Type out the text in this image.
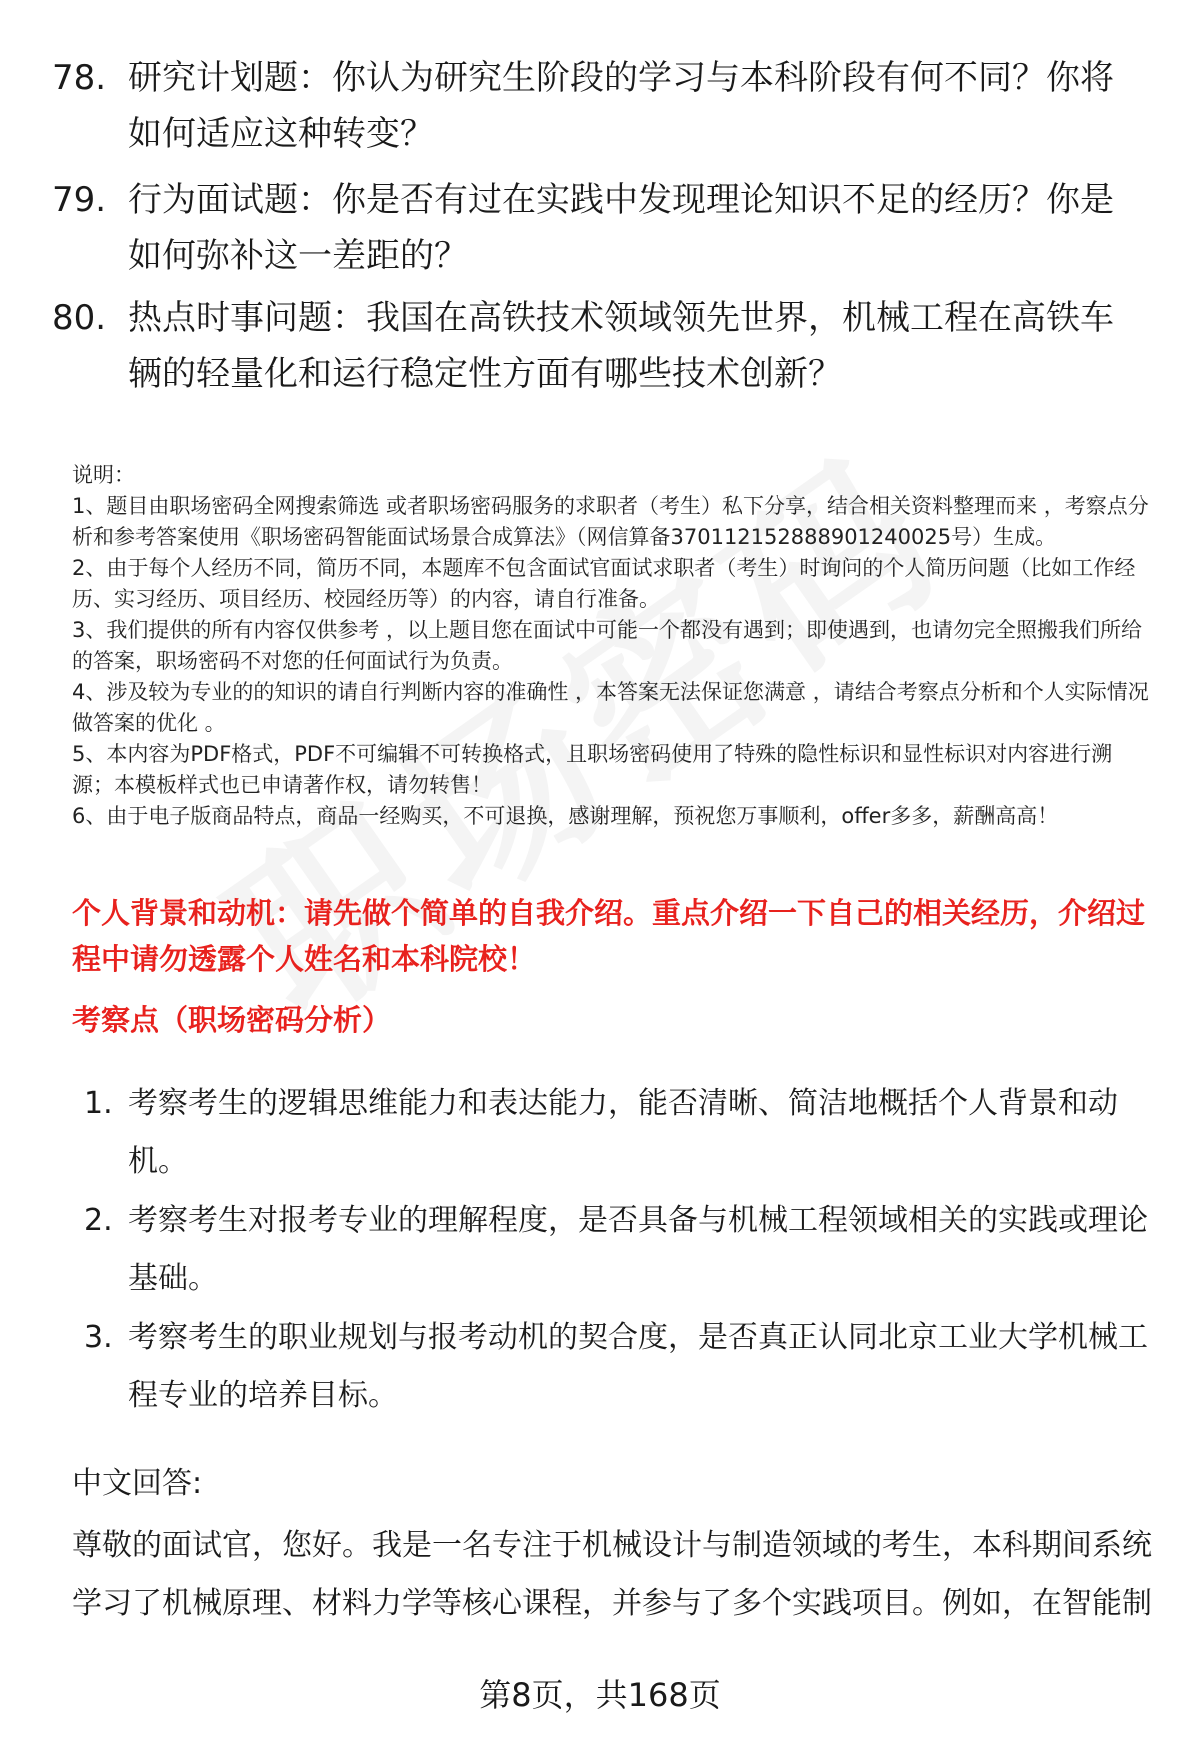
78. 研究计划题：你认为研究生阶段的学习与本科阶段有何不同？你将如何适应这种转变？
79. 行为面试题：你是否有过在实践中发现理论知识不足的经历？你是如何弥补这一差距的？
80. 热点时事问题：我国在高铁技术领域领先世界，机械工程在高铁车辆的轻量化和运行稳定性方面有哪些技术创新？

说明：

1、题目由职场密码全网搜索筛选 或者职场密码服务的求职者（考生）私下分享，结合相关资料整理而来 ，考察点分析和参考答案使用《职场密码智能面试场景合成算法》（网信算备370112152888901240025号）生成。

2、由于每个人经历不同，简历不同，本题库不包含面试官面试求职者（考生）时询问的个人简历问题（比如工作经历、实习经历、项目经历、校园经历等）的内容，请自行准备。

3、我们提供的所有内容仅供参考 ，以上题目您在面试中可能一个都没有遇到；即使遇到，也请勿完全照搬我们所给的答案，职场密码不对您的任何面试行为负责。

4、涉及较为专业的的知识的请自行判断内容的准确性 ，本答案无法保证您满意 ，请结合考察点分析和个人实际情况做答案的优化 。

5、本内容为PDF格式，PDF不可编辑不可转换格式，且职场密码使用了特殊的隐性标识和显性标识对内容进行溯源；本模板样式也已申请著作权，请勿转售！

6、由于电子版商品特点，商品一经购买，不可退换，感谢理解，预祝您万事顺利，offer多多，薪酬高高！

个人背景和动机：请先做个简单的自我介绍。重点介绍一下自己的相关经历，介绍过程中请勿透露个人姓名和本科院校！
考察点（职场密码分析）
1. 考察考生的逻辑思维能力和表达能力，能否清晰、简洁地概括个人背景和动机。
2. 考察考生对报考专业的理解程度，是否具备与机械工程领域相关的实践或理论基础。
3. 考察考生的职业规划与报考动机的契合度，是否真正认同北京工业大学机械工程专业的培养目标。
中文回答:
尊敬的面试官，您好。我是一名专注于机械设计与制造领域的考生，本科期间系统学习了机械原理、材料力学等核心课程，并参与了多个实践项目。例如，在智能制
第8页，共168页
